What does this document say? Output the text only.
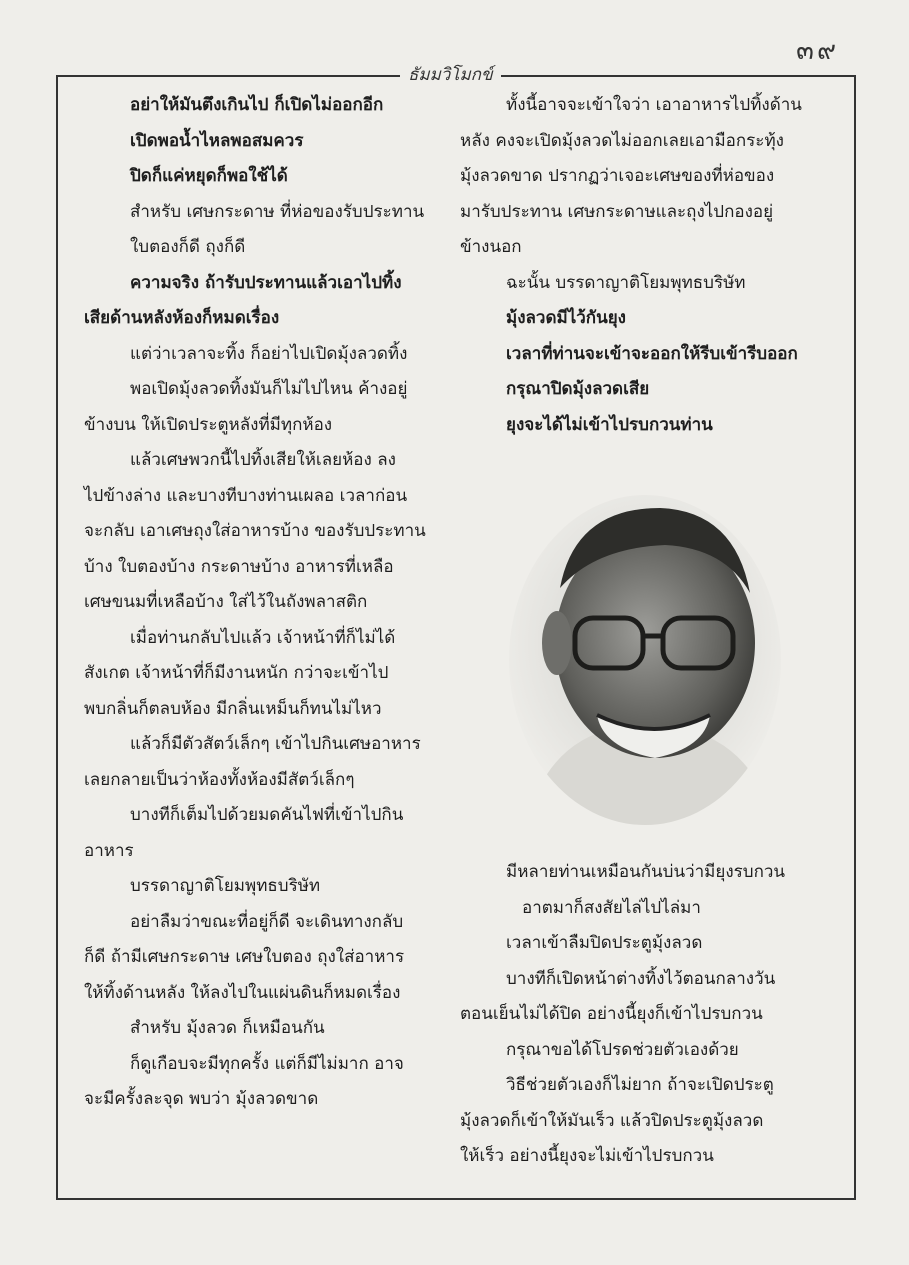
๓๙
ธัมมวิโมกข์

อย่าให้มันตึงเกินไป ก็เปิดไม่ออกอีก

เปิดพอน้ำไหลพอสมควร

ปิดก็แค่หยุดก็พอใช้ได้

สำหรับ เศษกระดาษ ที่ห่อของรับประทาน

ใบตองก็ดี ถุงก็ดี

ความจริง ถ้ารับประทานแล้วเอาไปทิ้ง

เสียด้านหลังห้องก็หมดเรื่อง

แต่ว่าเวลาจะทิ้ง ก็อย่าไปเปิดมุ้งลวดทิ้ง

พอเปิดมุ้งลวดทิ้งมันก็ไม่ไปไหน ค้างอยู่

ข้างบน ให้เปิดประตูหลังที่มีทุกห้อง

แล้วเศษพวกนี้ไปทิ้งเสียให้เลยห้อง ลง

ไปข้างล่าง และบางทีบางท่านเผลอ เวลาก่อน

จะกลับ เอาเศษถุงใส่อาหารบ้าง ของรับประทาน

บ้าง ใบตองบ้าง กระดาษบ้าง อาหารที่เหลือ

เศษขนมที่เหลือบ้าง ใส่ไว้ในถังพลาสติก

เมื่อท่านกลับไปแล้ว เจ้าหน้าที่ก็ไม่ได้

สังเกต เจ้าหน้าที่ก็มีงานหนัก กว่าจะเข้าไป

พบกลิ่นก็ตลบห้อง มีกลิ่นเหม็นก็ทนไม่ไหว

แล้วก็มีตัวสัตว์เล็กๆ เข้าไปกินเศษอาหาร

เลยกลายเป็นว่าห้องทั้งห้องมีสัตว์เล็กๆ

บางทีก็เต็มไปด้วยมดคันไฟที่เข้าไปกิน

อาหาร

บรรดาญาติโยมพุทธบริษัท

อย่าลืมว่าขณะที่อยู่ก็ดี จะเดินทางกลับ

ก็ดี ถ้ามีเศษกระดาษ เศษใบตอง ถุงใส่อาหาร

ให้ทิ้งด้านหลัง ให้ลงไปในแผ่นดินก็หมดเรื่อง

สำหรับ มุ้งลวด ก็เหมือนกัน

ก็ดูเกือบจะมีทุกครั้ง แต่ก็มีไม่มาก อาจ

จะมีครั้งละจุด พบว่า มุ้งลวดขาด

ทั้งนี้อาจจะเข้าใจว่า เอาอาหารไปทิ้งด้าน

หลัง คงจะเปิดมุ้งลวดไม่ออกเลยเอามือกระทุ้ง

มุ้งลวดขาด ปรากฏว่าเจอะเศษของที่ห่อของ

มารับประทาน เศษกระดาษและถุงไปกองอยู่

ข้างนอก

ฉะนั้น บรรดาญาติโยมพุทธบริษัท

มุ้งลวดมีไว้กันยุง

เวลาที่ท่านจะเข้าจะออกให้รีบเข้ารีบออก

กรุณาปิดมุ้งลวดเสีย

ยุงจะได้ไม่เข้าไปรบกวนท่าน

มีหลายท่านเหมือนกันบ่นว่ามียุงรบกวน

อาตมาก็สงสัยไล่ไปไล่มา

เวลาเข้าลืมปิดประตูมุ้งลวด

บางทีก็เปิดหน้าต่างทิ้งไว้ตอนกลางวัน

ตอนเย็นไม่ได้ปิด อย่างนี้ยุงก็เข้าไปรบกวน

กรุณาขอได้โปรดช่วยตัวเองด้วย

วิธีช่วยตัวเองก็ไม่ยาก ถ้าจะเปิดประตู

มุ้งลวดก็เข้าให้มันเร็ว แล้วปิดประตูมุ้งลวด

ให้เร็ว อย่างนี้ยุงจะไม่เข้าไปรบกวน
